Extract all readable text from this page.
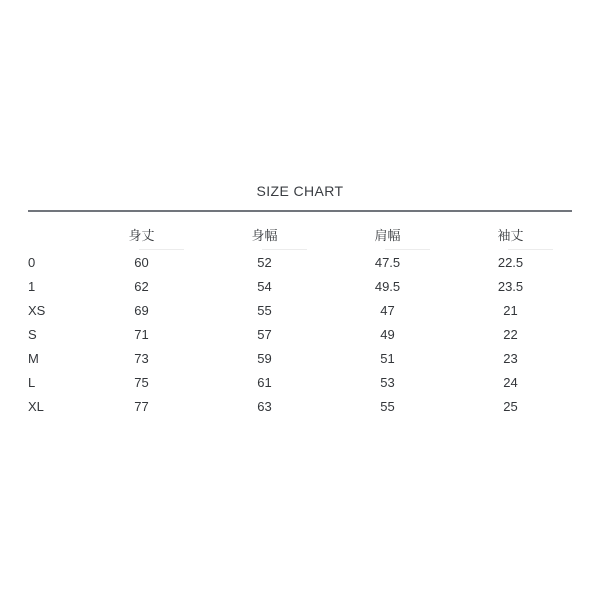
SIZE CHART

	身丈	身幅	肩幅	袖丈

0	60	52	47.5	22.5
1	62	54	49.5	23.5
XS	69	55	47	21
S	71	57	49	22
M	73	59	51	23
L	75	61	53	24
XL	77	63	55	25
